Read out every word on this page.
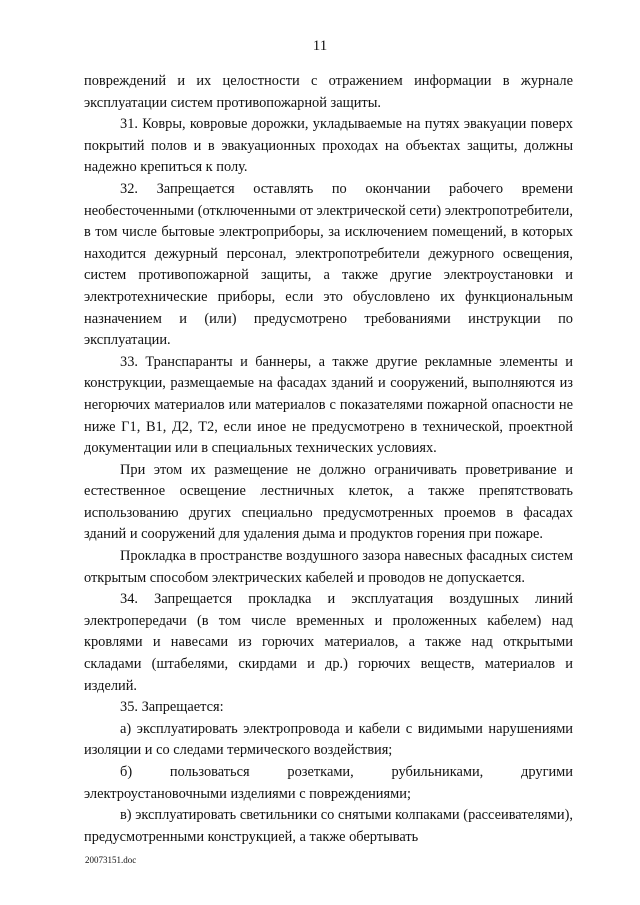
11

повреждений и их целостности с отражением информации в журнале эксплуатации систем противопожарной защиты.

31. Ковры, ковровые дорожки, укладываемые на путях эвакуации поверх покрытий полов и в эвакуационных проходах на объектах защиты, должны надежно крепиться к полу.

32. Запрещается оставлять по окончании рабочего времени необесточенными (отключенными от электрической сети) электропотребители, в том числе бытовые электроприборы, за исключением помещений, в которых находится дежурный персонал, электропотребители дежурного освещения, систем противопожарной защиты, а также другие электроустановки и электротехнические приборы, если это обусловлено их функциональным назначением и (или) предусмотрено требованиями инструкции по эксплуатации.

33. Транспаранты и баннеры, а также другие рекламные элементы и конструкции, размещаемые на фасадах зданий и сооружений, выполняются из негорючих материалов или материалов с показателями пожарной опасности не ниже Г1, В1, Д2, Т2, если иное не предусмотрено в технической, проектной документации или в специальных технических условиях.

При этом их размещение не должно ограничивать проветривание и естественное освещение лестничных клеток, а также препятствовать использованию других специально предусмотренных проемов в фасадах зданий и сооружений для удаления дыма и продуктов горения при пожаре.

Прокладка в пространстве воздушного зазора навесных фасадных систем открытым способом электрических кабелей и проводов не допускается.

34. Запрещается прокладка и эксплуатация воздушных линий электропередачи (в том числе временных и проложенных кабелем) над кровлями и навесами из горючих материалов, а также над открытыми складами (штабелями, скирдами и др.) горючих веществ, материалов и изделий.

35. Запрещается:

а) эксплуатировать электропровода и кабели с видимыми нарушениями изоляции и со следами термического воздействия;

б) пользоваться розетками, рубильниками, другими электроустановочными изделиями с повреждениями;

в) эксплуатировать светильники со снятыми колпаками (рассеивателями), предусмотренными конструкцией, а также обертывать

20073151.doc
